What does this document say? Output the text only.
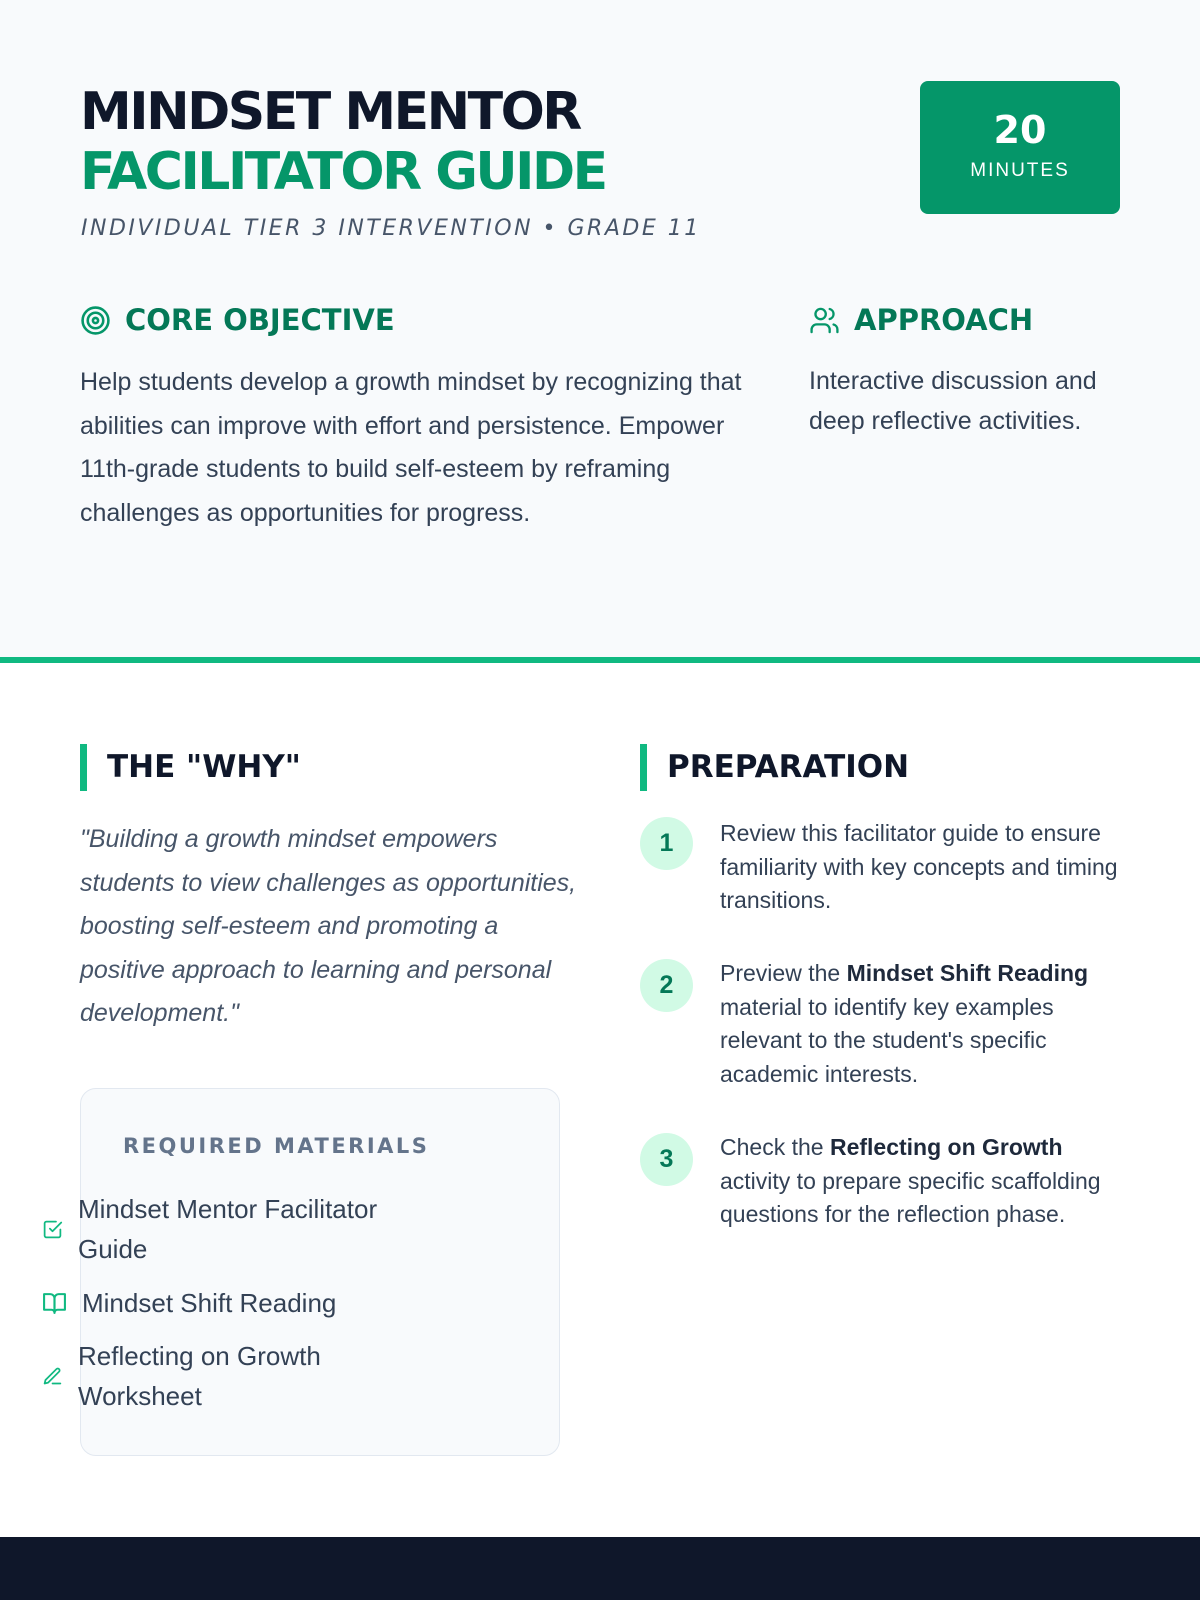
MINDSET MENTOR
FACILITATOR GUIDE
INDIVIDUAL TIER 3 INTERVENTION • GRADE 11
20
MINUTES
CORE OBJECTIVE

Help students develop a growth mindset by recognizing that abilities can improve with effort and persistence. Empower 11th-grade students to build self-esteem by reframing challenges as opportunities for progress.

APPROACH

Interactive discussion and deep reflective activities.

THE "WHY"

"Building a growth mindset empowers students to view challenges as opportunities, boosting self-esteem and promoting a positive approach to learning and personal development."

REQUIRED MATERIALS
Mindset Mentor Facilitator Guide
Mindset Shift Reading
Reflecting on Growth Worksheet
PREPARATION
1	Review this facilitator guide to ensure familiarity with key concepts and timing transitions.

2	Preview the Mindset Shift Reading material to identify key examples relevant to the student's specific academic interests.

3	Check the Reflecting on Growth activity to prepare specific scaffolding questions for the reflection phase.
